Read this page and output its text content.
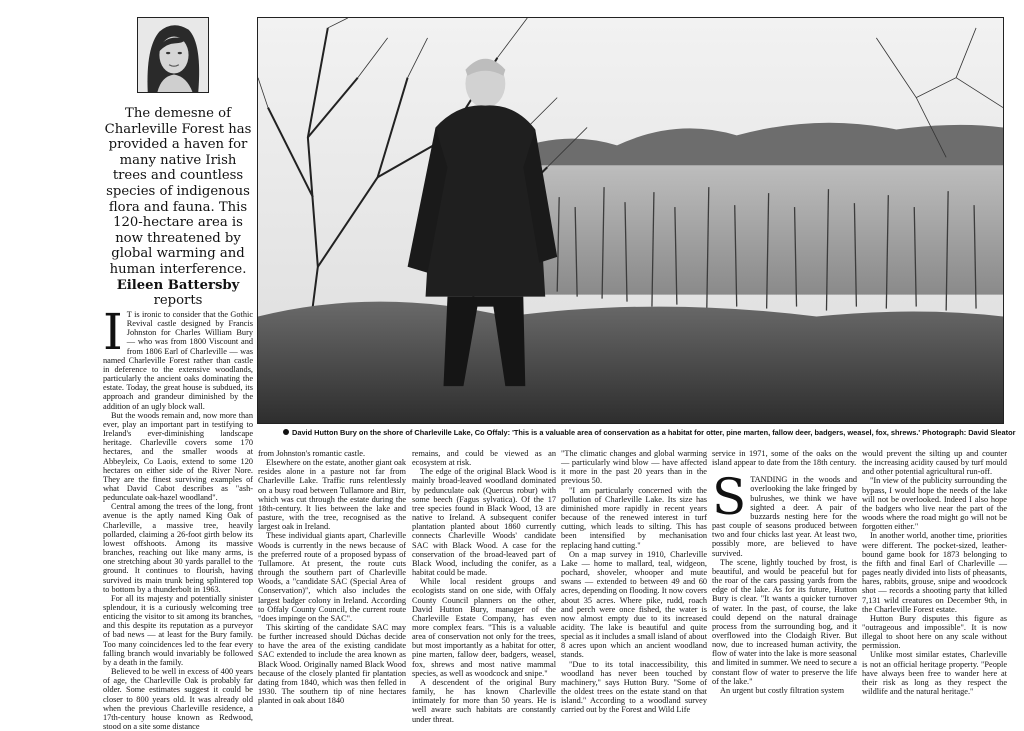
The demesne of Charleville Forest has provided a haven for many native Irish trees and countless species of indigenous flora and fauna. This 120-hectare area is now threatened by global warming and human interference.
Eileen Battersby
reports
David Hutton Bury on the shore of Charleville Lake, Co Offaly: 'This is a valuable area of conservation as a habitat for otter, pine marten, fallow deer, badgers, weasel, fox, shrews.' Photograph: David Sleator

I T is ironic to consider that the Gothic Revival castle designed by Francis Johnston for Charles William Bury — who was from 1800 Viscount and from 1806 Earl of Charleville — was named Charleville Forest rather than castle in deference to the extensive woodlands, particularly the ancient oaks dominating the estate. Today, the great house is subdued, its approach and grandeur diminished by the addition of an ugly block wall.

But the woods remain and, now more than ever, play an important part in testifying to Ireland's ever-diminishing landscape heritage. Charleville covers some 170 hectares, and the smaller woods at Abbeyleix, Co Laois, extend to some 120 hectares on either side of the River Nore. They are the finest surviving examples of what David Cabot describes as "ash-pedunculate oak-hazel woodland".

Central among the trees of the long, front avenue is the aptly named King Oak of Charleville, a massive tree, heavily pollarded, claiming a 26-foot girth below its lowest offshoots. Among its massive branches, reaching out like many arms, is one stretching about 30 yards parallel to the ground. It continues to flourish, having survived its main trunk being splintered top to bottom by a thunderbolt in 1963.

For all its majesty and potentially sinister splendour, it is a curiously welcoming tree enticing the visitor to sit among its branches, and this despite its reputation as a purveyor of bad news — at least for the Bury family. Too many coincidences led to the fear every falling branch would invariably be followed by a death in the family.

Believed to be well in excess of 400 years of age, the Charleville Oak is probably far older. Some estimates suggest it could be closer to 800 years old. It was already old when the previous Charleville residence, a 17th-century house known as Redwood, stood on a site some distance

from Johnston's romantic castle.

Elsewhere on the estate, another giant oak resides alone in a pasture not far from Charleville Lake. Traffic runs relentlessly on a busy road between Tullamore and Birr, which was cut through the estate during the 18th-century. It lies between the lake and pasture, with the tree, recognised as the largest oak in Ireland.

These individual giants apart, Charleville Woods is currently in the news because of the preferred route of a proposed bypass of Tullamore. At present, the route cuts through the southern part of Charleville Woods, a "candidate SAC (Special Area of Conservation)", which also includes the largest badger colony in Ireland. According to Offaly County Council, the current route "does impinge on the SAC".

This skirting of the candidate SAC may be further increased should Dúchas decide to have the area of the existing candidate SAC extended to include the area known as Black Wood. Originally named Black Wood because of the closely planted fir plantation dating from 1840, which was then felled in 1930. The southern tip of nine hectares planted in oak about 1840

remains, and could be viewed as an ecosystem at risk.

The edge of the original Black Wood is mainly broad-leaved woodland dominated by pedunculate oak (Quercus robur) with some beech (Fagus sylvatica). Of the 17 tree species found in Black Wood, 13 are native to Ireland. A subsequent conifer plantation planted about 1860 currently connects Charleville Woods' candidate SAC with Black Wood. A case for the conservation of the broad-leaved part of Black Wood, including the conifer, as a habitat could be made.

While local resident groups and ecologists stand on one side, with Offaly County Council planners on the other, David Hutton Bury, manager of the Charleville Estate Company, has even more complex fears. "This is a valuable area of conservation not only for the trees, but most importantly as a habitat for otter, pine marten, fallow deer, badgers, weasel, fox, shrews and most native mammal species, as well as woodcock and snipe."

A descendent of the original Bury family, he has known Charleville intimately for more than 50 years. He is well aware such habitats are constantly under threat.

"The climatic changes and global warming — particularly wind blow — have affected it more in the past 20 years than in the previous 50.

"I am particularly concerned with the pollution of Charleville Lake. Its size has diminished more rapidly in recent years because of the renewed interest in turf cutting, which leads to silting. This has been intensified by mechanisation replacing hand cutting."

On a map survey in 1910, Charleville Lake — home to mallard, teal, widgeon, pochard, shoveler, whooper and mute swans — extended to between 49 and 60 acres, depending on flooding. It now covers about 35 acres. Where pike, rudd, roach and perch were once fished, the water is now almost empty due to its increased acidity. The lake is beautiful and quite special as it includes a small island of about 8 acres upon which an ancient woodland stands.

"Due to its total inaccessibility, this woodland has never been touched by machinery," says Hutton Bury. "Some of the oldest trees on the estate stand on that island." According to a woodland survey carried out by the Forest and Wild Life

service in 1971, some of the oaks on the island appear to date from the 18th century.

STANDING in the woods and overlooking the lake fringed by bulrushes, we think we have sighted a deer. A pair of buzzards nesting here for the past couple of seasons produced between two and four chicks last year. At least two, possibly more, are believed to have survived.

The scene, lightly touched by frost, is beautiful, and would be peaceful but for the roar of the cars passing yards from the edge of the lake. As for its future, Hutton Bury is clear. "It wants a quicker turnover of water. In the past, of course, the lake could depend on the natural drainage process from the surrounding bog, and it overflowed into the Clodaigh River. But now, due to increased human activity, the flow of water into the lake is more seasonal and limited in summer. We need to secure a constant flow of water to preserve the life of the lake."

An urgent but costly filtration system

would prevent the silting up and counter the increasing acidity caused by turf mould and other potential agricultural run-off.

"In view of the publicity surrounding the bypass, I would hope the needs of the lake will not be overlooked. Indeed I also hope the badgers who live near the part of the woods where the road might go will not be forgotten either."

In another world, another time, priorities were different. The pocket-sized, leather-bound game book for 1873 belonging to the fifth and final Earl of Charleville — pages neatly divided into lists of pheasants, hares, rabbits, grouse, snipe and woodcock shot — records a shooting party that killed 7,131 wild creatures on December 9th, in the Charleville Forest estate.

Hutton Bury disputes this figure as "outrageous and impossible". It is now illegal to shoot here on any scale without permission.

Unlike most similar estates, Charleville is not an official heritage property. "People have always been free to wander here at their risk as long as they respect the wildlife and the natural heritage."
